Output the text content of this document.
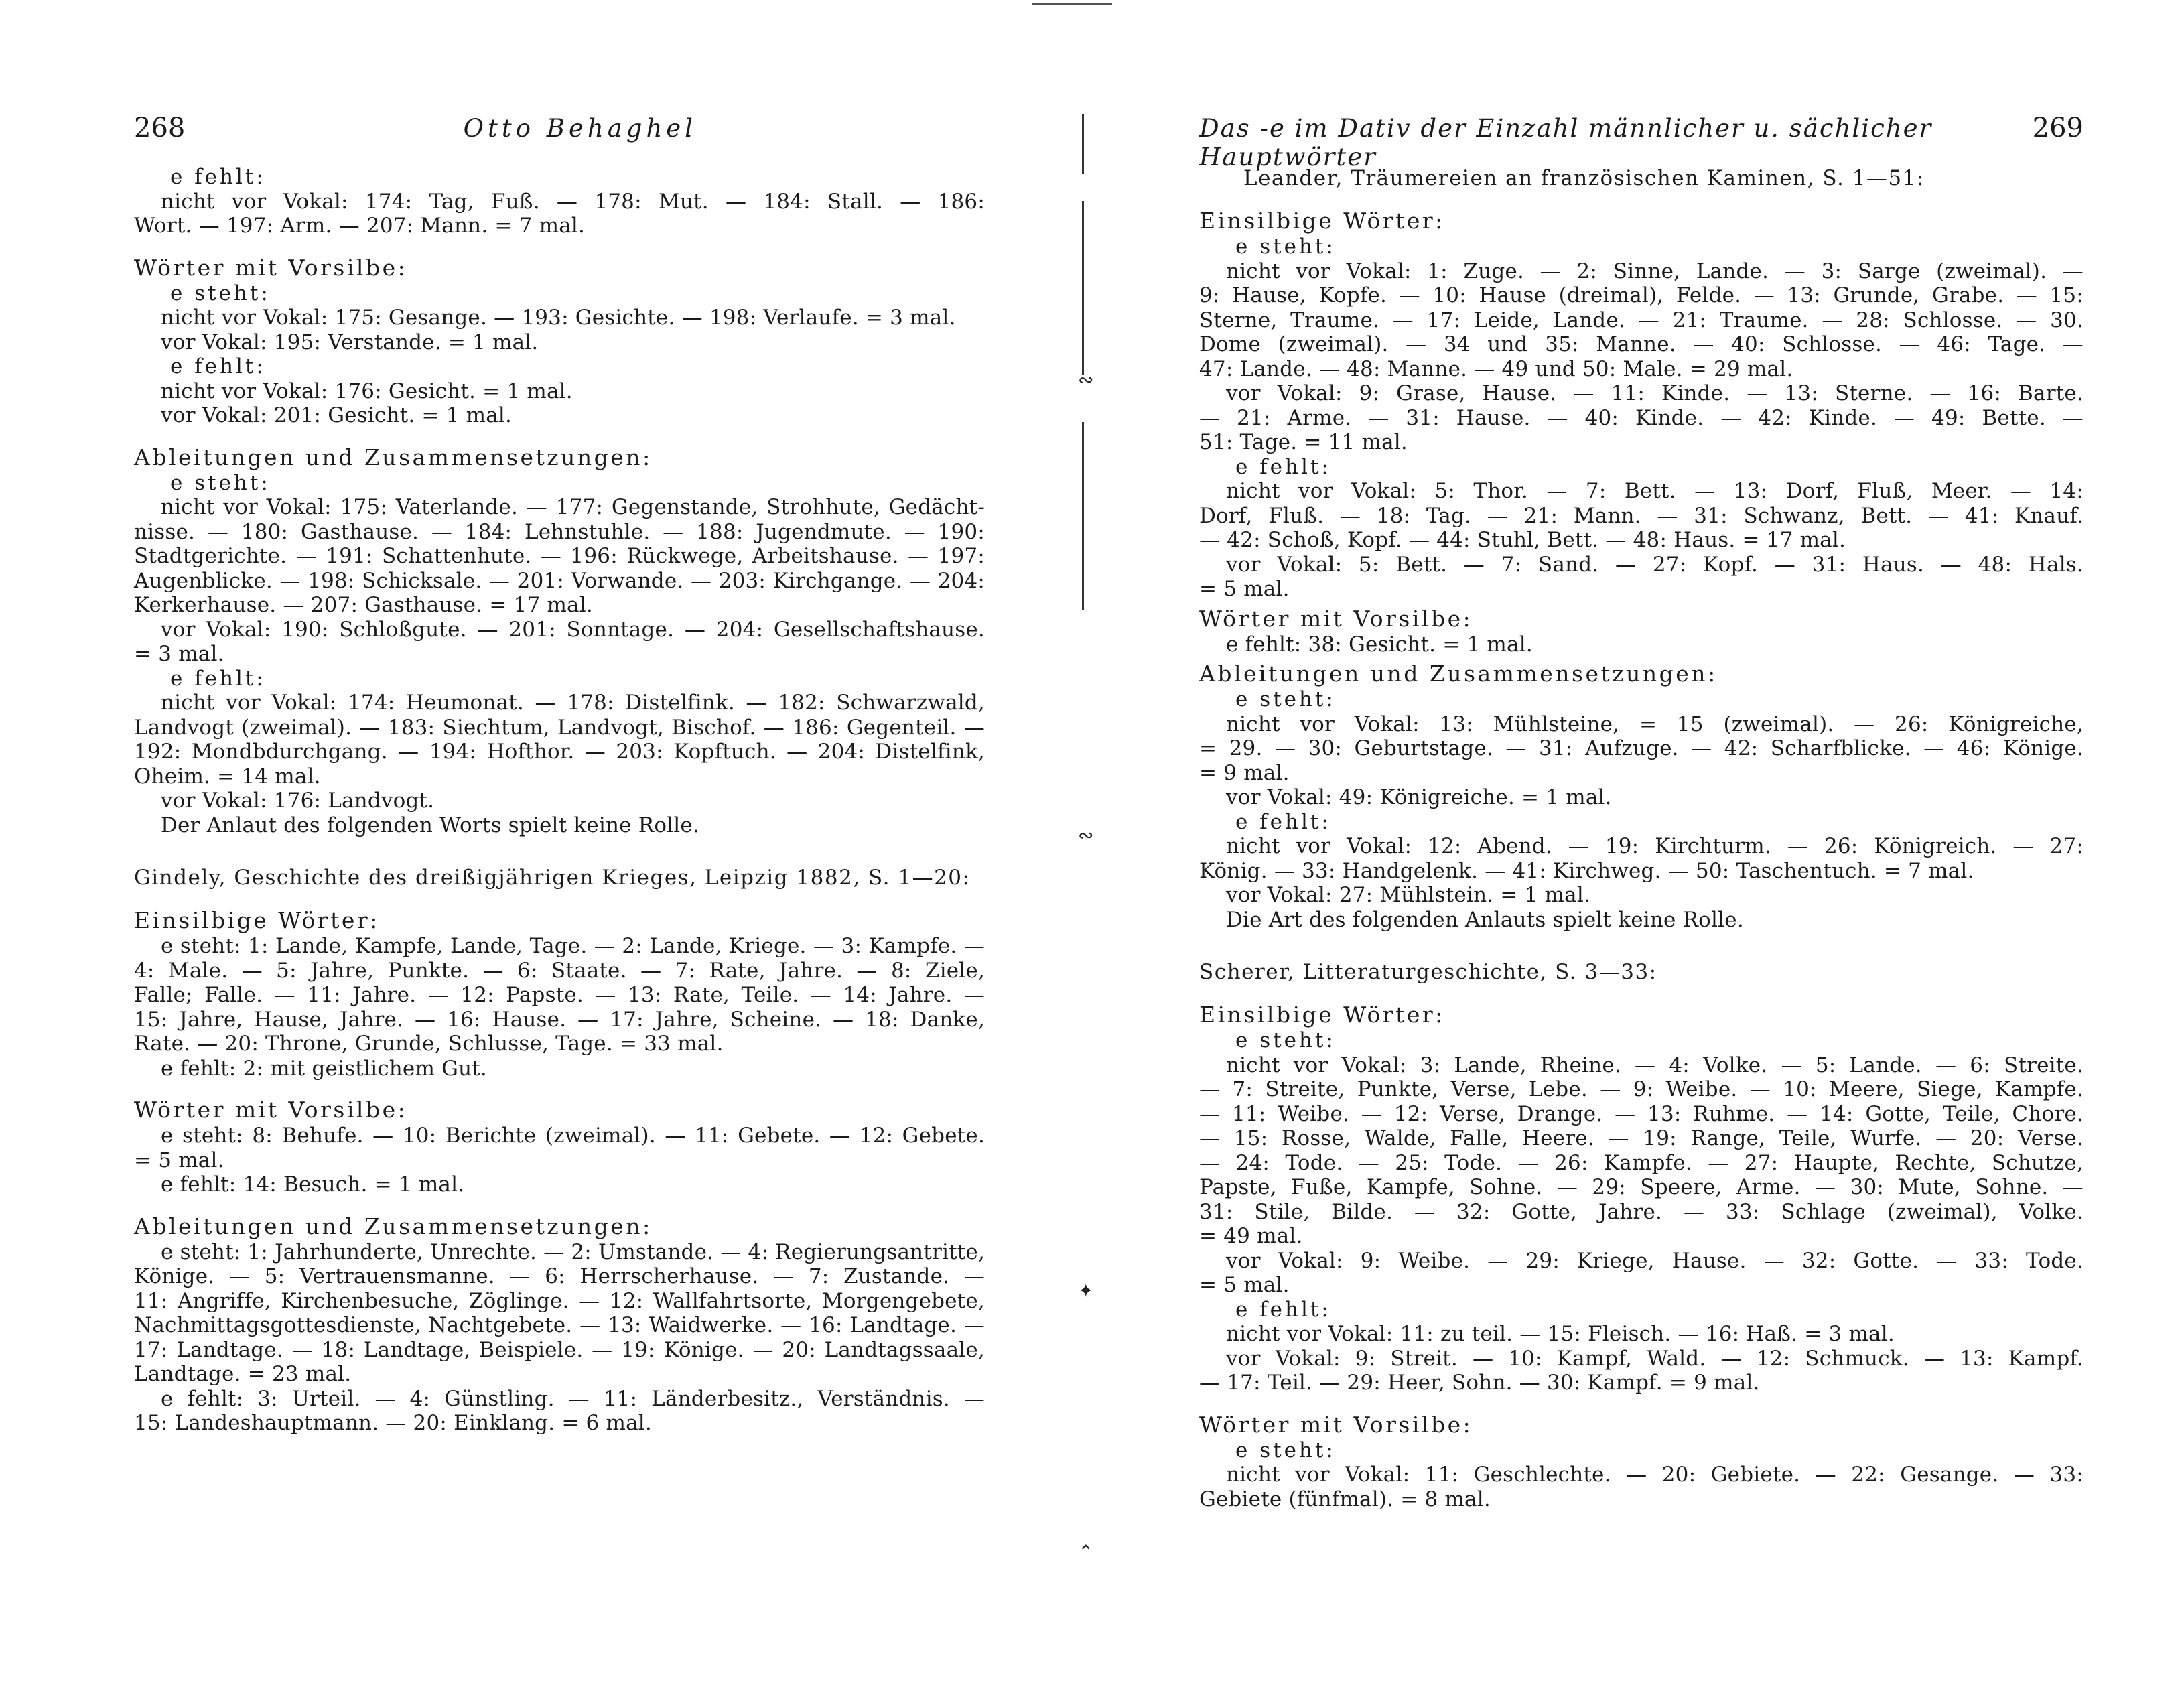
268	Otto Behaghel
e fehlt:
nicht vor Vokal: 174: Tag, Fuß. — 178: Mut. — 184: Stall. — 186:
Wort. — 197: Arm. — 207: Mann. = 7 mal.
Wörter mit Vorsilbe:
e steht:
nicht vor Vokal: 175: Gesange. — 193: Gesichte. — 198: Verlaufe. = 3 mal.
vor Vokal: 195: Verstande. = 1 mal.
e fehlt:
nicht vor Vokal: 176: Gesicht. = 1 mal.
vor Vokal: 201: Gesicht. = 1 mal.
Ableitungen und Zusammensetzungen:
e steht:
nicht vor Vokal: 175: Vaterlande. — 177: Gegenstande, Strohhute, Gedächt-
nisse. — 180: Gasthause. — 184: Lehnstuhle. — 188: Jugendmute. — 190:
Stadtgerichte. — 191: Schattenhute. — 196: Rückwege, Arbeitshause. — 197:
Augenblicke. — 198: Schicksale. — 201: Vorwande. — 203: Kirchgange. — 204:
Kerkerhause. — 207: Gasthause. = 17 mal.
vor Vokal: 190: Schloßgute. — 201: Sonntage. — 204: Gesellschaftshause.
= 3 mal.
e fehlt:
nicht vor Vokal: 174: Heumonat. — 178: Distelfink. — 182: Schwarzwald,
Landvogt (zweimal). — 183: Siechtum, Landvogt, Bischof. — 186: Gegenteil. —
192: Mondbdurchgang. — 194: Hofthor. — 203: Kopftuch. — 204: Distelfink,
Oheim. = 14 mal.
vor Vokal: 176: Landvogt.
Der Anlaut des folgenden Worts spielt keine Rolle.
Gindely, Geschichte des dreißigjährigen Krieges, Leipzig 1882, S. 1—20:
Einsilbige Wörter:
e steht: 1: Lande, Kampfe, Lande, Tage. — 2: Lande, Kriege. — 3: Kampfe. —
4: Male. — 5: Jahre, Punkte. — 6: Staate. — 7: Rate, Jahre. — 8: Ziele,
Falle; Falle. — 11: Jahre. — 12: Papste. — 13: Rate, Teile. — 14: Jahre. —
15: Jahre, Hause, Jahre. — 16: Hause. — 17: Jahre, Scheine. — 18: Danke,
Rate. — 20: Throne, Grunde, Schlusse, Tage. = 33 mal.
e fehlt: 2: mit geistlichem Gut.
Wörter mit Vorsilbe:
e steht: 8: Behufe. — 10: Berichte (zweimal). — 11: Gebete. — 12: Gebete.
= 5 mal.
e fehlt: 14: Besuch. = 1 mal.
Ableitungen und Zusammensetzungen:
e steht: 1: Jahrhunderte, Unrechte. — 2: Umstande. — 4: Regierungsantritte,
Könige. — 5: Vertrauensmanne. — 6: Herrscherhause. — 7: Zustande. —
11: Angriffe, Kirchenbesuche, Zöglinge. — 12: Wallfahrtsorte, Morgengebete,
Nachmittagsgottesdienste, Nachtgebete. — 13: Waidwerke. — 16: Landtage. —
17: Landtage. — 18: Landtage, Beispiele. — 19: Könige. — 20: Landtagssaale,
Landtage. = 23 mal.
e fehlt: 3: Urteil. — 4: Günstling. — 11: Länderbesitz., Verständnis. —
15: Landeshauptmann. — 20: Einklang. = 6 mal.
∾
∾
✦
⌃
Das -e im Dativ der Einzahl männlicher u. sächlicher Hauptwörter
269
Leander, Träumereien an französischen Kaminen, S. 1—51:
Einsilbige Wörter:
e steht:
nicht vor Vokal: 1: Zuge. — 2: Sinne, Lande. — 3: Sarge (zweimal). —
9: Hause, Kopfe. — 10: Hause (dreimal), Felde. — 13: Grunde, Grabe. — 15:
Sterne, Traume. — 17: Leide, Lande. — 21: Traume. — 28: Schlosse. — 30.
Dome (zweimal). — 34 und 35: Manne. — 40: Schlosse. — 46: Tage. —
47: Lande. — 48: Manne. — 49 und 50: Male. = 29 mal.
vor Vokal: 9: Grase, Hause. — 11: Kinde. — 13: Sterne. — 16: Barte.
— 21: Arme. — 31: Hause. — 40: Kinde. — 42: Kinde. — 49: Bette. —
51: Tage. = 11 mal.
e fehlt:
nicht vor Vokal: 5: Thor. — 7: Bett. — 13: Dorf, Fluß, Meer. — 14:
Dorf, Fluß. — 18: Tag. — 21: Mann. — 31: Schwanz, Bett. — 41: Knauf.
— 42: Schoß, Kopf. — 44: Stuhl, Bett. — 48: Haus. = 17 mal.
vor Vokal: 5: Bett. — 7: Sand. — 27: Kopf. — 31: Haus. — 48: Hals.
= 5 mal.
Wörter mit Vorsilbe:
e fehlt: 38: Gesicht. = 1 mal.
Ableitungen und Zusammensetzungen:
e steht:
nicht vor Vokal: 13: Mühlsteine, = 15 (zweimal). — 26: Königreiche,
= 29. — 30: Geburtstage. — 31: Aufzuge. — 42: Scharfblicke. — 46: Könige.
= 9 mal.
vor Vokal: 49: Königreiche. = 1 mal.
e fehlt:
nicht vor Vokal: 12: Abend. — 19: Kirchturm. — 26: Königreich. — 27:
König. — 33: Handgelenk. — 41: Kirchweg. — 50: Taschentuch. = 7 mal.
vor Vokal: 27: Mühlstein. = 1 mal.
Die Art des folgenden Anlauts spielt keine Rolle.
Scherer, Litteraturgeschichte, S. 3—33:
Einsilbige Wörter:
e steht:
nicht vor Vokal: 3: Lande, Rheine. — 4: Volke. — 5: Lande. — 6: Streite.
— 7: Streite, Punkte, Verse, Lebe. — 9: Weibe. — 10: Meere, Siege, Kampfe.
— 11: Weibe. — 12: Verse, Drange. — 13: Ruhme. — 14: Gotte, Teile, Chore.
— 15: Rosse, Walde, Falle, Heere. — 19: Range, Teile, Wurfe. — 20: Verse.
— 24: Tode. — 25: Tode. — 26: Kampfe. — 27: Haupte, Rechte, Schutze,
Papste, Fuße, Kampfe, Sohne. — 29: Speere, Arme. — 30: Mute, Sohne. —
31: Stile, Bilde. — 32: Gotte, Jahre. — 33: Schlage (zweimal), Volke.
= 49 mal.
vor Vokal: 9: Weibe. — 29: Kriege, Hause. — 32: Gotte. — 33: Tode.
= 5 mal.
e fehlt:
nicht vor Vokal: 11: zu teil. — 15: Fleisch. — 16: Haß. = 3 mal.
vor Vokal: 9: Streit. — 10: Kampf, Wald. — 12: Schmuck. — 13: Kampf.
— 17: Teil. — 29: Heer, Sohn. — 30: Kampf. = 9 mal.
Wörter mit Vorsilbe:
e steht:
nicht vor Vokal: 11: Geschlechte. — 20: Gebiete. — 22: Gesange. — 33:
Gebiete (fünfmal). = 8 mal.
